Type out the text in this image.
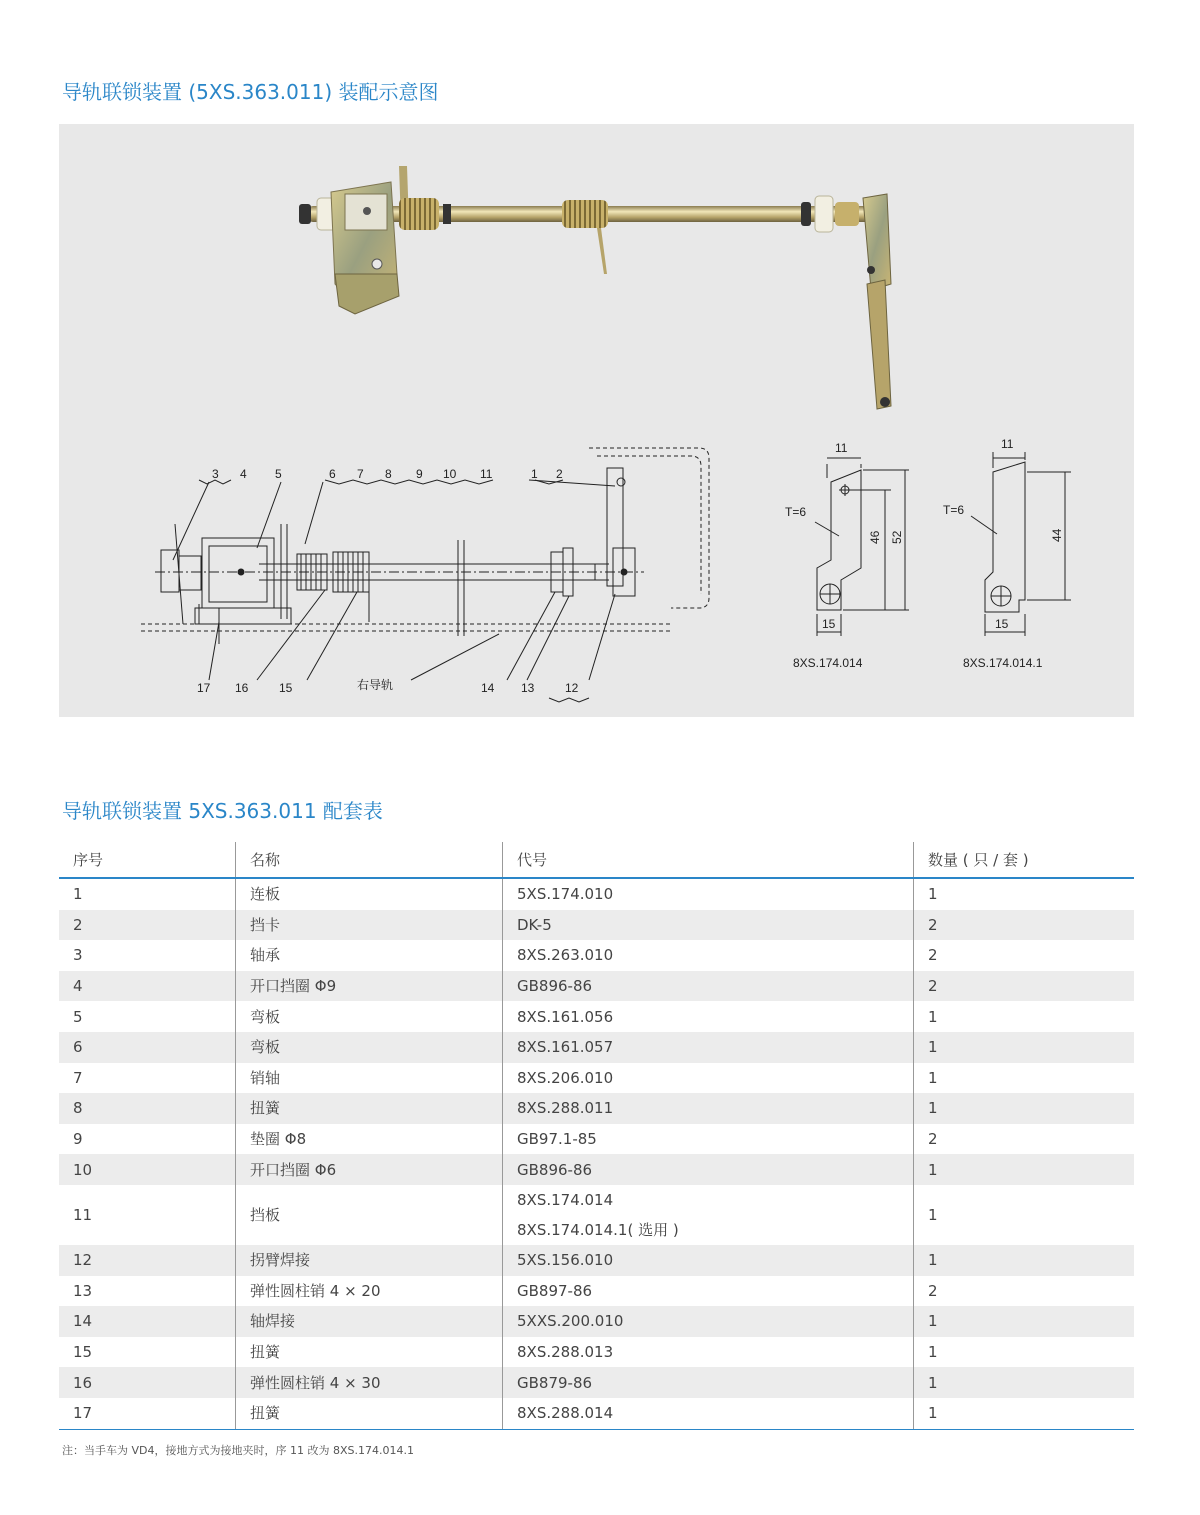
导轨联锁装置 (5XS.363.011) 装配示意图
3 4 5	6 7 8 9 10 11	1 2
17 16	15	14 13	12
右导轨
11
46 52
15
T=6
8XS.174.014
11
44
15
T=6
8XS.174.014.1
导轨联锁装置 5XS.363.011 配套表
序号	名称	代号	数量 ( 只 / 套 )
1	连板	5XS.174.010	1
2	挡卡	DK-5	2
3	轴承	8XS.263.010	2
4	开口挡圈 Φ9	GB896-86	2
5	弯板	8XS.161.056	1
6	弯板	8XS.161.057	1
7	销轴	8XS.206.010	1
8	扭簧	8XS.288.011	1
9	垫圈 Φ8	GB97.1-85	2
10	开口挡圈 Φ6	GB896-86	1
11	挡板	8XS.174.014
8XS.174.014.1( 选用 )	1
12	拐臂焊接	5XS.156.010	1
13	弹性圆柱销 4 × 20	GB897-86	2
14	轴焊接	5XXS.200.010	1
15	扭簧	8XS.288.013	1
16	弹性圆柱销 4 × 30	GB879-86	1
17	扭簧	8XS.288.014	1
注：当手车为 VD4，接地方式为接地夹时，序 11 改为 8XS.174.014.1
